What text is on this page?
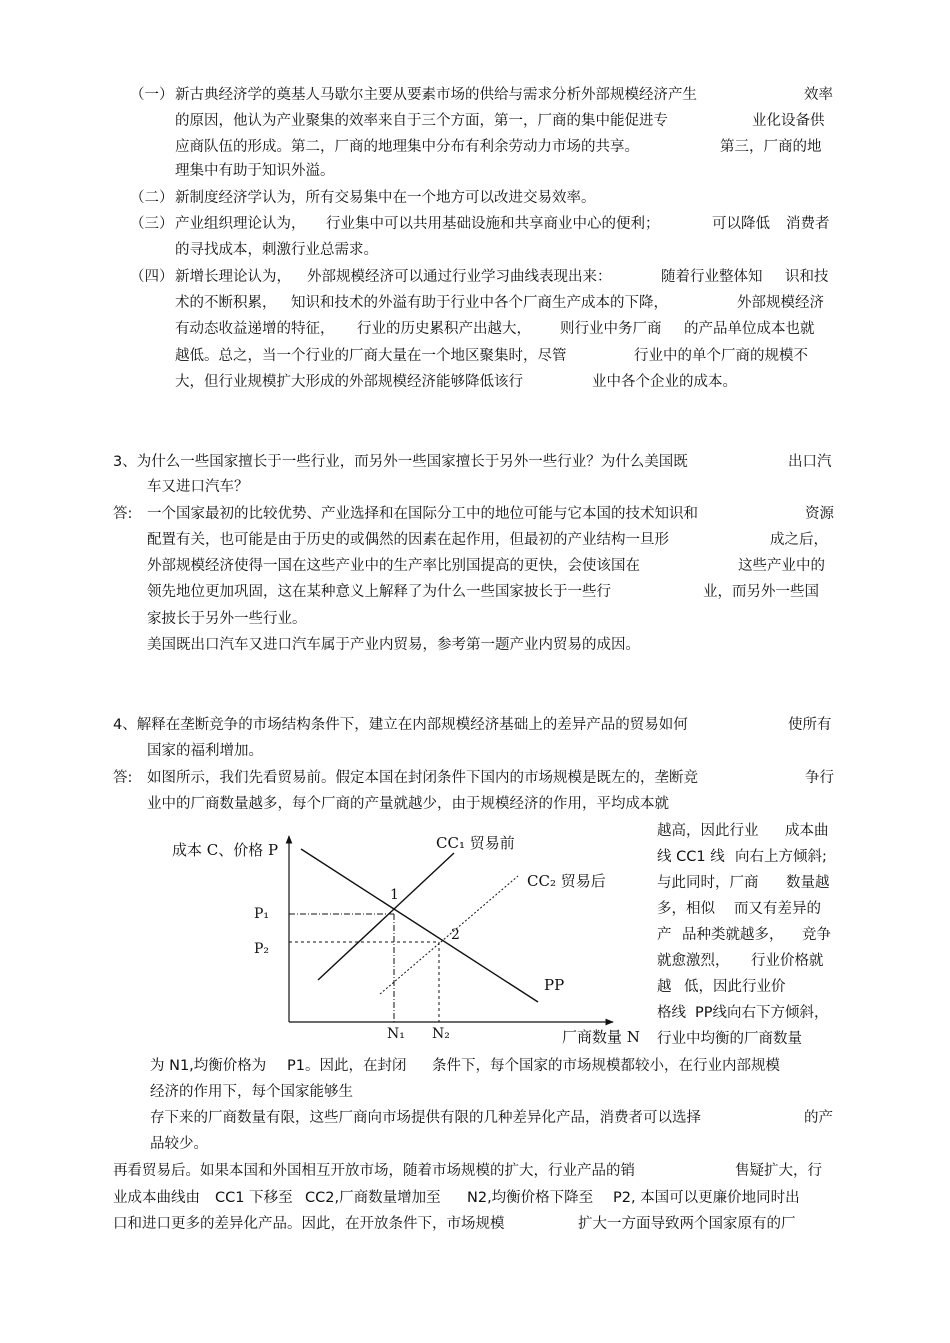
（一） 新古典经济学的奠基人马歇尔主要从要素市场的供给与需求分析外部规模经济产生	效率
的原因，他认为产业聚集的效率来自于三个方面，第一，厂商的集中能促进专	业化设备供
应商队伍的形成。第二，厂商的地理集中分布有利余劳动力市场的共享。	第三，厂商的地
理集中有助于知识外溢。
（二） 新制度经济学认为，所有交易集中在一个地方可以改进交易效率。
（三） 产业组织理论认为， 行业集中可以共用基础设施和共享商业中心的便利；	可以降低 消费者
的寻找成本，刺激行业总需求。
（四） 新增长理论认为， 外部规模经济可以通过行业学习曲线表现出来：	随着行业整体知 识和技
术的不断积累， 知识和技术的外溢有助于行业中各个厂商生产成本的下降，	外部规模经济
有动态收益递增的特征， 行业的历史累积产出越大， 则行业中务厂商 的产品单位成本也就
越低。总之，当一个行业的厂商大量在一个地区聚集时，尽管	行业中的单个厂商的规模不
大，但行业规模扩大形成的外部规模经济能够降低该行	业中各个企业的成本。
3、为什么一些国家擅长于一些行业，而另外一些国家擅长于另外一些行业？为什么美国既	出口汽
车又进口汽车？
答: 一个国家最初的比较优势、产业选择和在国际分工中的地位可能与它本国的技术知识和	资源
配置有关，也可能是由于历史的或偶然的因素在起作用，但最初的产业结构一旦形	成之后，
外部规模经济使得一国在这些产业中的生产率比别国提高的更快，会使该国在	这些产业中的
领先地位更加巩固，这在某种意义上解释了为什么一些国家披长于一些行	业，而另外一些国
家披长于另外一些行业。
美国既出口汽车又进口汽车属于产业内贸易，参考第一题产业内贸易的成因。
4、解释在垄断竞争的市场结构条件下，建立在内部规模经济基础上的差异产品的贸易如何	使所有
国家的福利增加。
答: 如图所示，我们先看贸易前。假定本国在封闭条件下国内的市场规模是既左的，垄断竞	争行
业中的厂商数量越多，每个厂商的产量就越少，由于规模经济的作用，平均成本就
成本 C、价格 P
厂商数量 N
CC₁ 贸易前
CC₂ 贸易后
PP
1
2
P₁
P₂
N₁ N₂
越高，因此行业 成本曲
线 CC1 线 向右上方倾斜;
与此同时，厂商 数量越
多，相似 而又有差异的
产 品种类就越多， 竞争
就愈激烈， 行业价格就
越 低，因此行业价
格线 PP线向右下方倾斜，
行业中均衡的厂商数量
为 N1,均衡价格为 P1。因此，在封闭 条件下，每个国家的市场规模都较小，在行业内部规模
经济的作用下，每个国家能够生
存下来的厂商数量有限，这些厂商向市场提供有限的几种差异化产品，消费者可以选择	的产
品较少。
再看贸易后。如果本国和外国相互开放市场，随着市场规模的扩大，行业产品的销	售疑扩大，行
业成本曲线由 CC1 下移至 CC2,厂商数量增加至 N2,均衡价格下降至 P2, 本国可以更廉价地同时出
口和进口更多的差异化产品。因此，在开放条件下，市场规模	扩大一方面导致两个国家原有的厂
